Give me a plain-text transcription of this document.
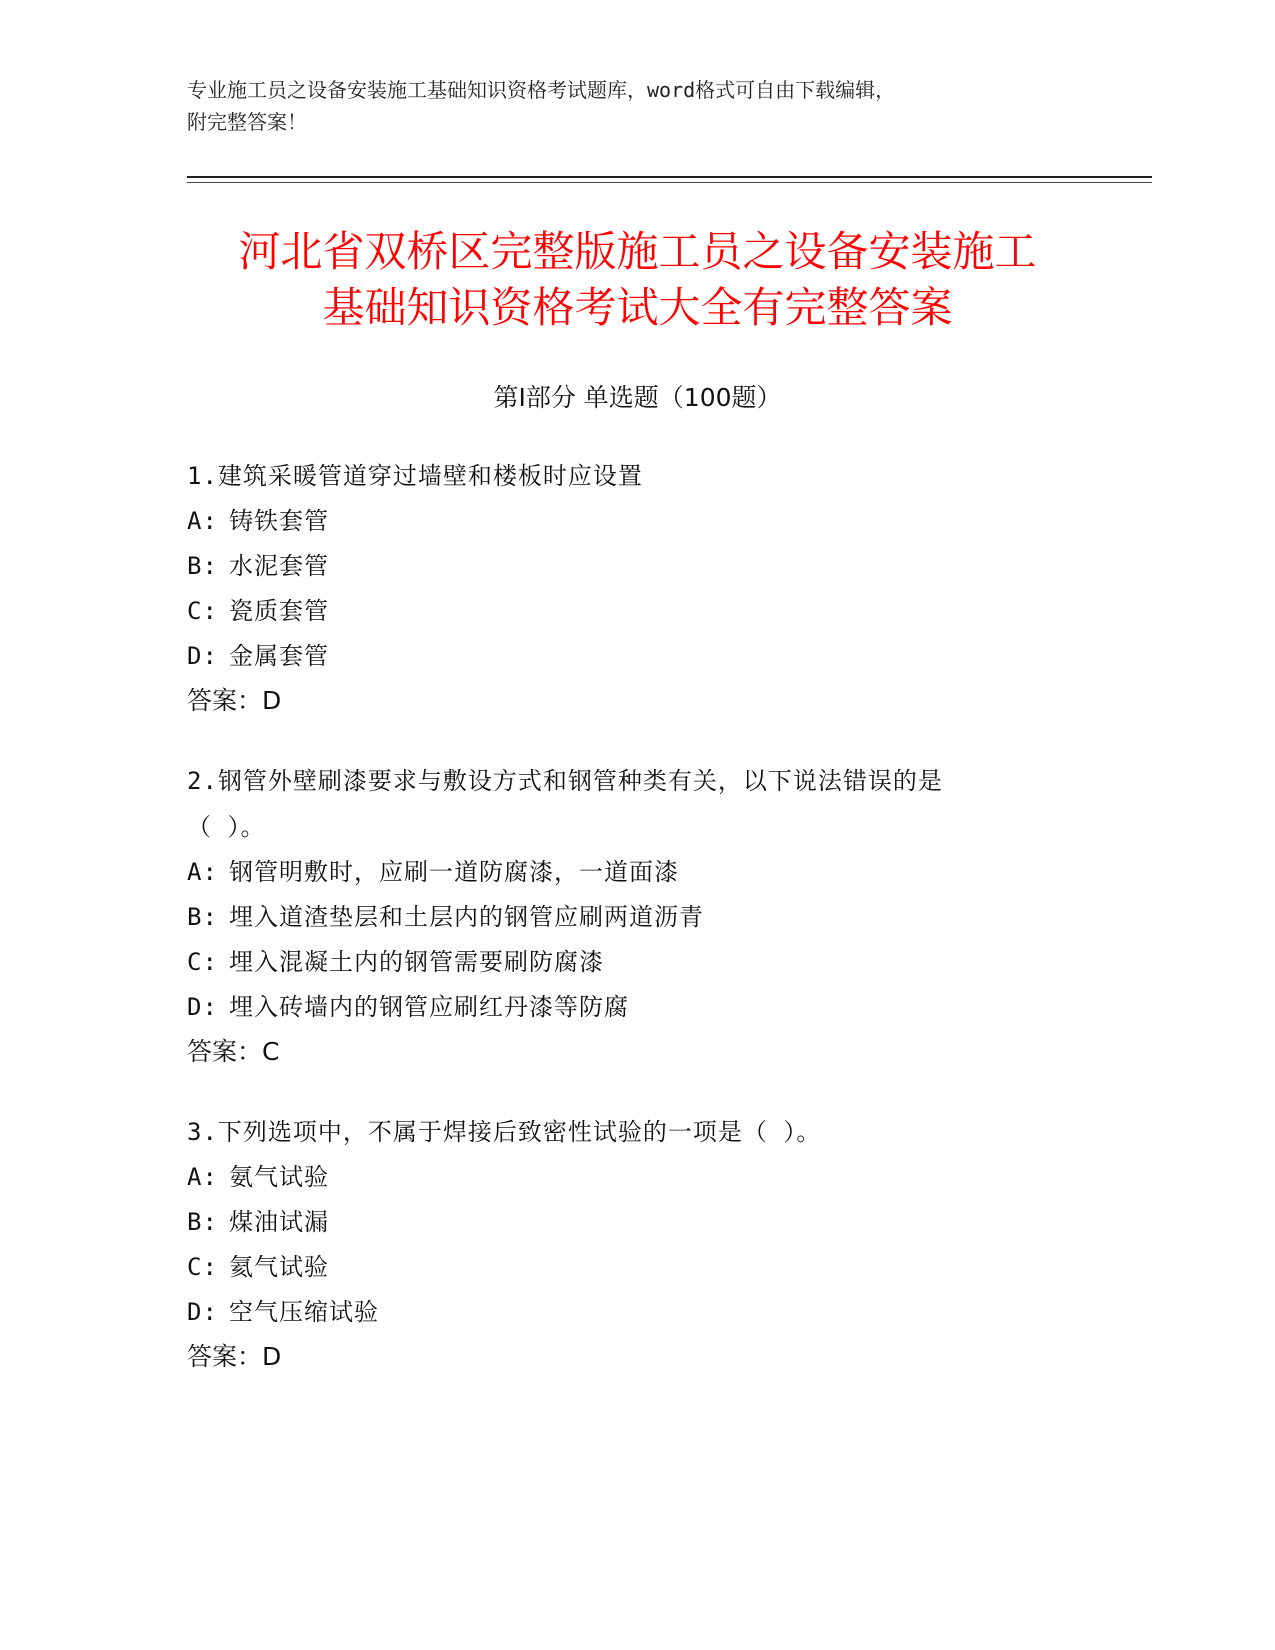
专业施工员之设备安装施工基础知识资格考试题库，word格式可自由下载编辑，
附完整答案！
河北省双桥区完整版施工员之设备安装施工
基础知识资格考试大全有完整答案
第Ⅰ部分 单选题（100题）
1.建筑采暖管道穿过墙壁和楼板时应设置
A: 铸铁套管
B: 水泥套管
C: 瓷质套管
D: 金属套管
答案：D
2.钢管外壁刷漆要求与敷设方式和钢管种类有关，以下说法错误的是
（ ）。
A: 钢管明敷时，应刷一道防腐漆，一道面漆
B: 埋入道渣垫层和土层内的钢管应刷两道沥青
C: 埋入混凝土内的钢管需要刷防腐漆
D: 埋入砖墙内的钢管应刷红丹漆等防腐
答案：C
3.下列选项中，不属于焊接后致密性试验的一项是（ ）。
A: 氨气试验
B: 煤油试漏
C: 氦气试验
D: 空气压缩试验
答案：D
